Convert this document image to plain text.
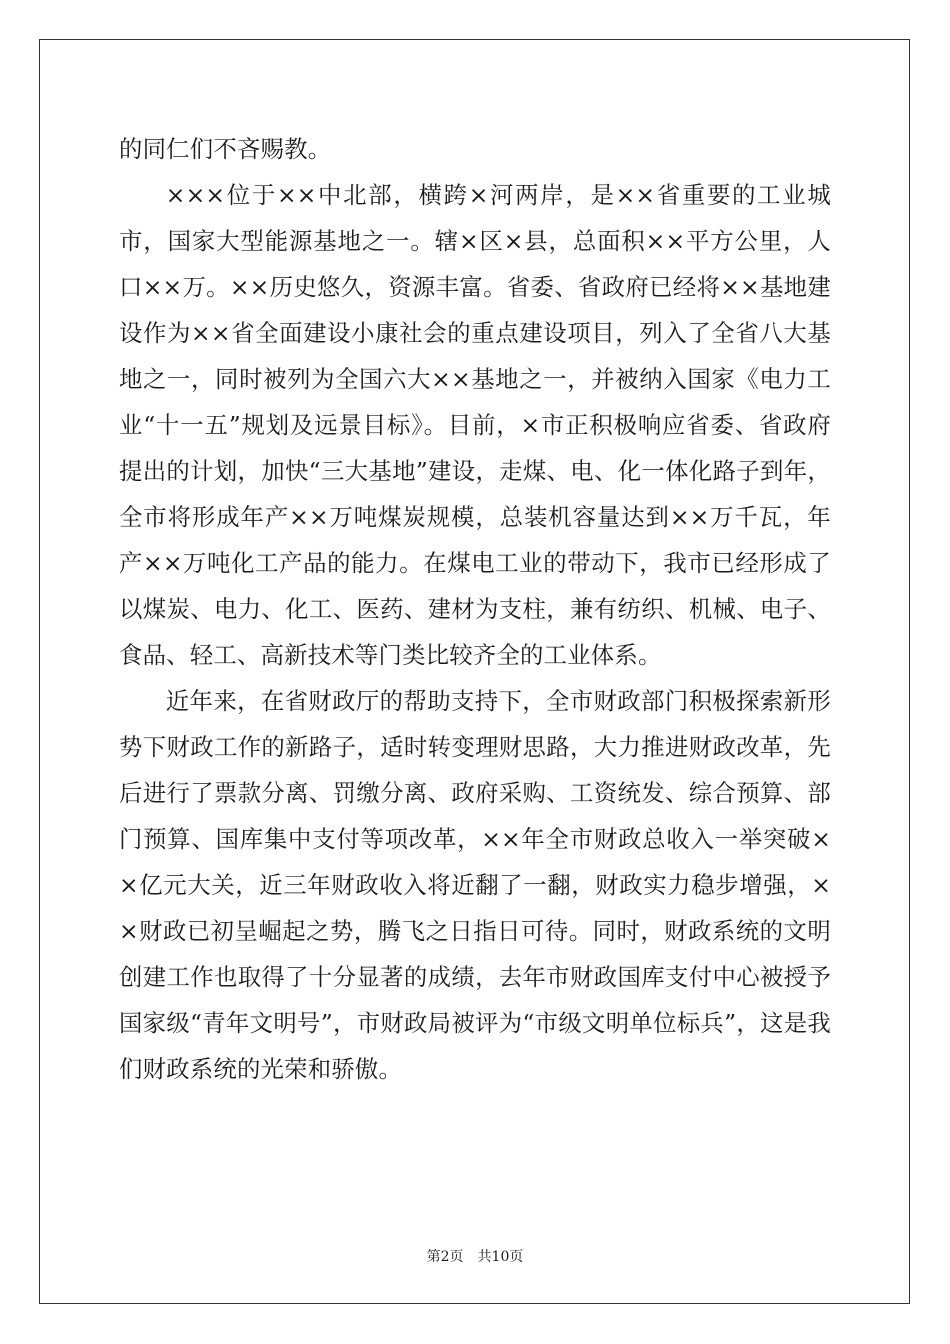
的同仁们不吝赐教。

×××位于××中北部，横跨×河两岸，是××省重要的工业城市，国家大型能源基地之一。辖×区×县，总面积××平方公里，人口××万。××历史悠久，资源丰富。省委、省政府已经将××基地建设作为××省全面建设小康社会的重点建设项目，列入了全省八大基地之一，同时被列为全国六大××基地之一，并被纳入国家《电力工业“十一五”规划及远景目标》。目前，×市正积极响应省委、省政府提出的计划，加快“三大基地”建设，走煤、电、化一体化路子到年，全市将形成年产××万吨煤炭规模，总装机容量达到××万千瓦，年产××万吨化工产品的能力。在煤电工业的带动下，我市已经形成了以煤炭、电力、化工、医药、建材为支柱，兼有纺织、机械、电子、食品、轻工、高新技术等门类比较齐全的工业体系。

近年来，在省财政厅的帮助支持下，全市财政部门积极探索新形势下财政工作的新路子，适时转变理财思路，大力推进财政改革，先后进行了票款分离、罚缴分离、政府采购、工资统发、综合预算、部门预算、国库集中支付等项改革，××年全市财政总收入一举突破××亿元大关，近三年财政收入将近翻了一翻，财政实力稳步增强，××财政已初呈崛起之势，腾飞之日指日可待。同时，财政系统的文明创建工作也取得了十分显著的成绩，去年市财政国库支付中心被授予国家级“青年文明号”，市财政局被评为“市级文明单位标兵”，这是我们财政系统的光荣和骄傲。

第2页 共10页
